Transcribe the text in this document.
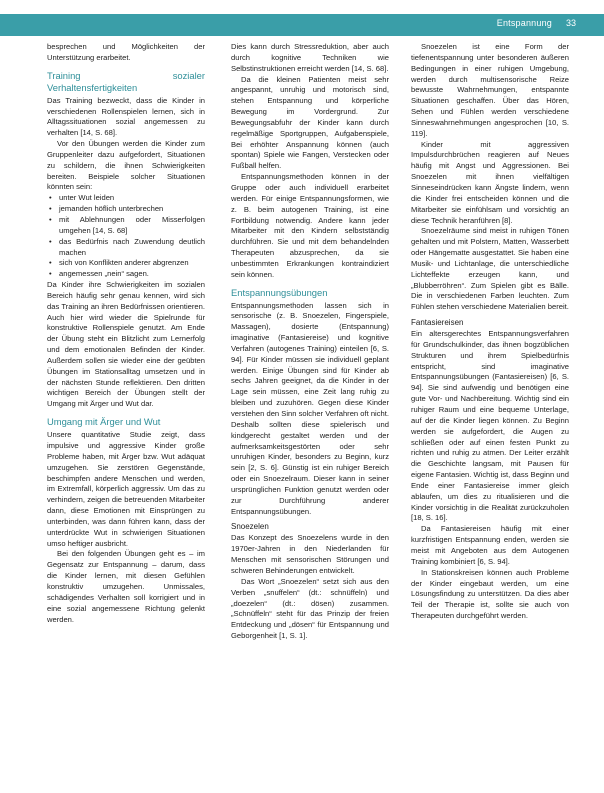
Entspannung 33

besprechen und Möglichkeiten der Unterstützung erarbeitet.

Training sozialer Verhaltensfertigkeiten

Das Training bezweckt, dass die Kinder in verschiedenen Rollenspielen lernen, sich in Alltagssituationen sozial angemessen zu verhalten [14, S. 68].

Vor den Übungen werden die Kinder zum Gruppenleiter dazu aufgefordert, Situationen zu schildern, die ihnen Schwierigkeiten bereiten. Beispiele solcher Situationen könnten sein:

• unter Wut leiden
• jemanden höflich unterbrechen
• mit Ablehnungen oder Misserfolgen umgehen [14, S. 68]
• das Bedürfnis nach Zuwendung deutlich machen
• sich von Konflikten anderer abgrenzen
• angemessen „nein“ sagen.

Da Kinder ihre Schwierigkeiten im sozialen Bereich häufig sehr genau kennen, wird sich das Training an ihren Bedürfnissen orientieren. Auch hier wird wieder die Spielrunde für konstruktive Rollenspiele genutzt. Am Ende der Übung steht ein Blitzlicht zum Lernerfolg und dem emotionalen Befinden der Kinder. Außerdem sollen sie wieder eine der geübten Übungen im Stationsalltag umsetzen und in der nächsten Stunde reflektieren. Den dritten wichtigen Bereich der Übungen stellt der Umgang mit Ärger und Wut dar.

Umgang mit Ärger und Wut

Unsere quantitative Studie zeigt, dass impulsive und aggressive Kinder große Probleme haben, mit Ärger bzw. Wut adäquat umzugehen. Sie zerstören Gegenstände, beschimpfen andere Menschen und werden, im Extremfall, körperlich aggressiv. Um das zu verhindern, zeigen die betreuenden Mitarbeiter dann, diese Emotionen mit Einsprüngen zu unterbinden, was dann führen kann, dass der unterdrückte Wut in schwierigen Situationen umso heftiger ausbricht.

Bei den folgenden Übungen geht es – im Gegensatz zur Entspannung – darum, dass die Kinder lernen, mit diesen Gefühlen konstruktiv umzugehen. Unmissales, schädigendes Verhalten soll korrigiert und in eine sozial angemessene Richtung gelenkt werden.

Dies kann durch Stressreduktion, aber auch durch kognitive Techniken wie Selbstinstruktionen erreicht werden [14, S. 68].

Da die kleinen Patienten meist sehr angespannt, unruhig und motorisch sind, stehen Entspannung und körperliche Bewegung im Vordergrund. Zur Bewegungsabfuhr der Kinder kann durch regelmäßige Sportgruppen, Aufgabenspiele, Bei erhöhter Anspannung können (auch spontan) Spiele wie Fangen, Verstecken oder Fußball helfen.

Entspannungsmethoden können in der Gruppe oder auch individuell erarbeitet werden. Für einige Entspannungsformen, wie z. B. beim autogenen Training, ist eine Fortbildung notwendig. Andere kann jeder Mitarbeiter mit den Kindern selbstständig durchführen. Sie und mit dem behandelnden Therapeuten abzusprechen, da sie unbestimmten Erkrankungen kontraindiziert sein können.

Entspannungsübungen

Entspannungsmethoden lassen sich in sensorische (z. B. Snoezelen, Fingerspiele, Massagen), dosierte (Entspannung) imaginative (Fantasiereise) und kognitive Verfahren (autogenes Training) einteilen [6, S. 94]. Für Kinder müssen sie individuell geplant werden. Einige Übungen sind für Kinder ab sechs Jahren geeignet, da die Kinder in der Lage sein müssen, eine Zeit lang ruhig zu bleiben und zuzuhören. Gegen diese Kinder verstehen den Sinn solcher Verfahren oft nicht. Deshalb sollten diese spielerisch und kindgerecht gestaltet werden und der aufmerksamkeitsgestörten oder sehr unruhigen Kinder, besonders zu Beginn, kurz sein [2, S. 6]. Günstig ist ein ruhiger Bereich oder ein Snoezelraum. Dieser kann in seiner ursprünglichen Funktion genutzt werden oder zur Durchführung anderer Entspannungsübungen.

Snoezelen

Das Konzept des Snoezelens wurde in den 1970er-Jahren in den Niederlanden für Menschen mit sensorischen Störungen und schweren Behinderungen entwickelt.

Das Wort „Snoezelen“ setzt sich aus den Verben „snuffelen“ (dt.: schnüffeln) und „doezelen“ (dt.: dösen) zusammen. „Schnüffeln“ steht für das Prinzip der freien Entdeckung und „dösen“ für Entspannung und Geborgenheit [1, S. 1].

Snoezelen ist eine Form der tiefenentspannung unter besonderen äußeren Bedingungen in einer ruhigen Umgebung, werden durch multisensorische Reize bewusste Wahrnehmungen, entspannte Situationen geschaffen. Über das Hören, Sehen und Fühlen werden verschiedene Sinneswahrnehmungen angesprochen [10, S. 119].

Kinder mit aggressiven Impulsdurchbrüchen reagieren auf Neues häufig mit Angst und Aggressionen. Bei Snoezelen mit ihnen vielfältigen Sinneseindrücken kann Ängste lindern, wenn die Kinder frei entscheiden können und die Mitarbeiter sie einfühlsam und vorsichtig an diese Technik heranführen [8].

Snoezelräume sind meist in ruhigen Tönen gehalten und mit Polstern, Matten, Wasserbett oder Hängematte ausgestattet. Sie haben eine Musik- und Lichtanlage, die unterschiedliche Lichteffekte erzeugen kann, und „Blubberröhren“. Zum Spielen gibt es Bälle. Die in verschiedenen Farben leuchten. Zum Fühlen stehen verschiedene Materialien bereit.

Fantasiereisen

Ein altersgerechtes Entspannungsverfahren für Grundschulkinder, das ihnen bogzüblichen Strukturen und ihrem Spielbedürfnis entspricht, sind imaginative Entspannungsübungen (Fantasiereisen) [6, S. 94]. Sie sind aufwendig und benötigen eine gute Vor- und Nachbereitung. Wichtig sind ein ruhiger Raum und eine bequeme Unterlage, auf der die Kinder liegen können. Zu Beginn werden sie aufgefordert, die Augen zu schließen oder auf einen festen Punkt zu richten und ruhig zu atmen. Der Leiter erzählt die Geschichte langsam, mit Pausen für eigene Fantasien. Wichtig ist, dass Beginn und Ende einer Fantasiereise immer gleich ablaufen, um dies zu ritualisieren und die Kinder vorsichtig in die Realität zurückzuholen [18, S. 16].

Da Fantasiereisen häufig mit einer kurzfristigen Entspannung enden, werden sie meist mit Angeboten aus dem Autogenen Training kombiniert [6, S. 94].

In Stationskreisen können auch Probleme der Kinder eingebaut werden, um eine Lösungsfindung zu unterstützen. Da dies aber Teil der Therapie ist, sollte sie auch von Therapeuten durchgeführt werden.
